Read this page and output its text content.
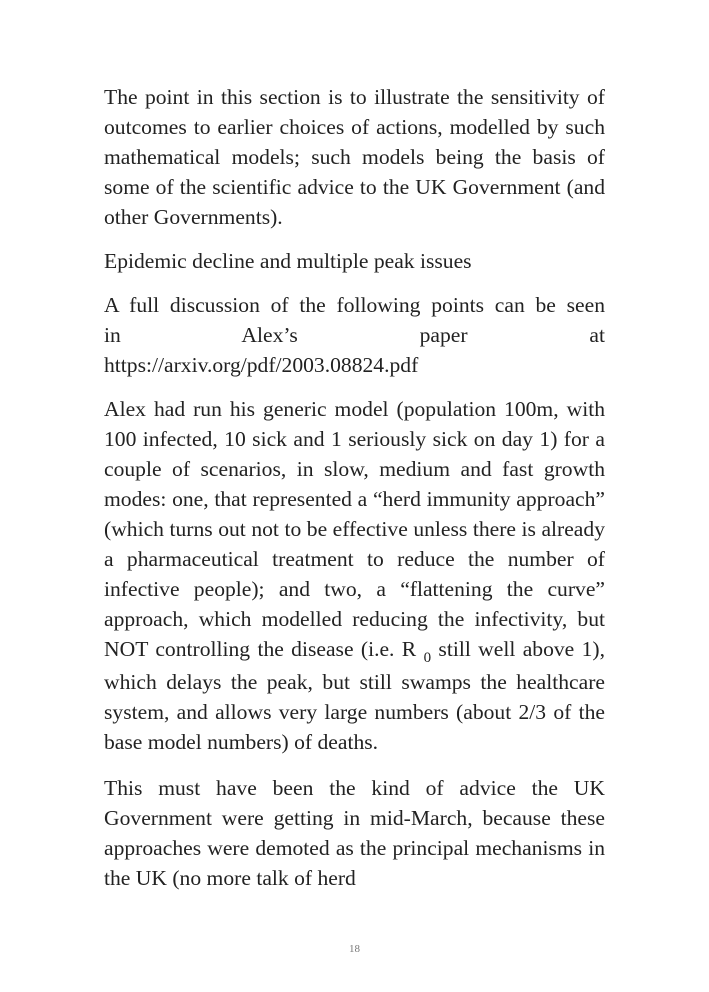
The point in this section is to illustrate the sensitivity of outcomes to earlier choices of actions, modelled by such mathematical models; such models being the basis of some of the scientific advice to the UK Government (and other Governments).

Epidemic decline and multiple peak issues

A full discussion of the following points can be seen
in Alex’s paper at
https://arxiv.org/pdf/2003.08824.pdf

Alex had run his generic model (population 100m, with 100 infected, 10 sick and 1 seriously sick on day 1) for a couple of scenarios, in slow, medium and fast growth modes: one, that represented a “herd immunity approach” (which turns out not to be effective unless there is already a pharmaceutical treatment to reduce the number of infective people); and two, a “flattening the curve” approach, which modelled reducing the infectivity, but NOT controlling the disease (i.e. R $_0$ still well above 1), which delays the peak, but still swamps the healthcare system, and allows very large numbers (about 2/3 of the base model numbers) of deaths.

This must have been the kind of advice the UK Government were getting in mid-March, because these approaches were demoted as the principal mechanisms in the UK (no more talk of herd

18
